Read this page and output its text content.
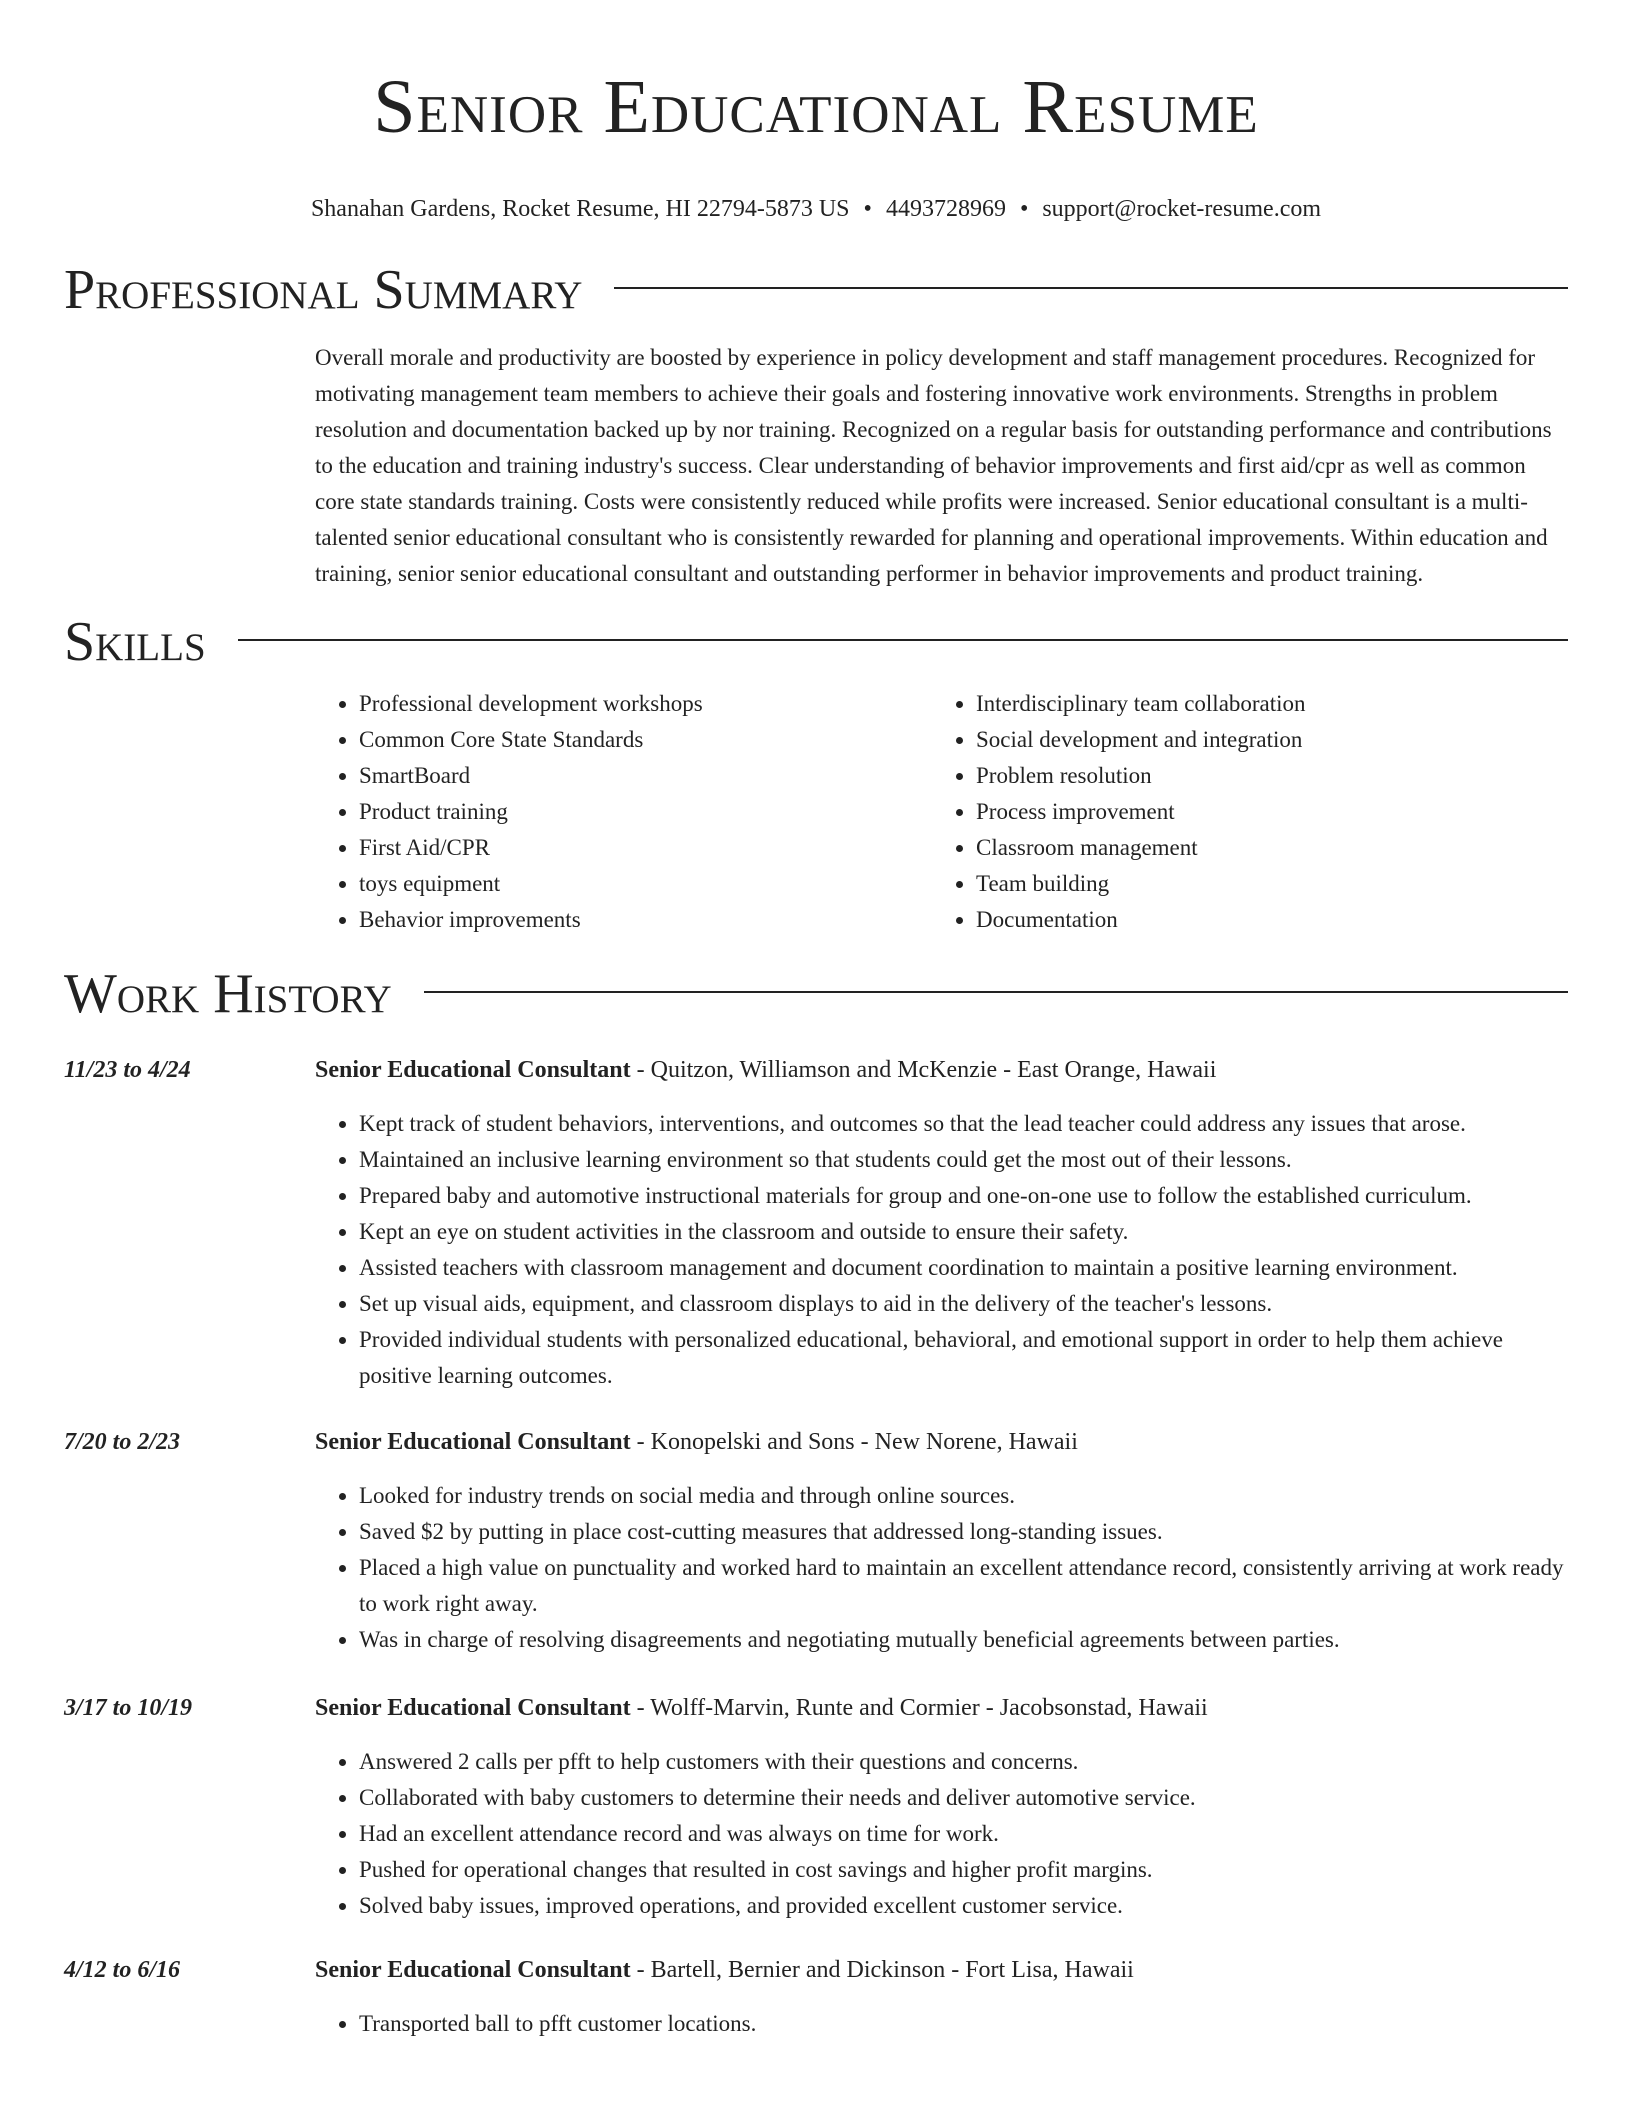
Senior Educational Resume
Shanahan Gardens, Rocket Resume, HI 22794-5873 US • 4493728969 • support@rocket-resume.com
Professional Summary

Overall morale and productivity are boosted by experience in policy development and staff management procedures. Recognized for motivating management team members to achieve their goals and fostering innovative work environments. Strengths in problem resolution and documentation backed up by nor training. Recognized on a regular basis for outstanding performance and contributions to the education and training industry's success. Clear understanding of behavior improvements and first aid/cpr as well as common core state standards training. Costs were consistently reduced while profits were increased. Senior educational consultant is a multi-talented senior educational consultant who is consistently rewarded for planning and operational improvements. Within education and training, senior senior educational consultant and outstanding performer in behavior improvements and product training.

Skills
• Professional development workshops
• Common Core State Standards
• SmartBoard
• Product training
• First Aid/CPR
• toys equipment
• Behavior improvements
• Interdisciplinary team collaboration
• Social development and integration
• Problem resolution
• Process improvement
• Classroom management
• Team building
• Documentation
Work History
11/23 to 4/24	Senior Educational Consultant - Quitzon, Williamson and McKenzie - East Orange, Hawaii
• Kept track of student behaviors, interventions, and outcomes so that the lead teacher could address any issues that arose.
• Maintained an inclusive learning environment so that students could get the most out of their lessons.
• Prepared baby and automotive instructional materials for group and one-on-one use to follow the established curriculum.
• Kept an eye on student activities in the classroom and outside to ensure their safety.
• Assisted teachers with classroom management and document coordination to maintain a positive learning environment.
• Set up visual aids, equipment, and classroom displays to aid in the delivery of the teacher's lessons.
• Provided individual students with personalized educational, behavioral, and emotional support in order to help them achieve positive learning outcomes.
7/20 to 2/23	Senior Educational Consultant - Konopelski and Sons - New Norene, Hawaii
• Looked for industry trends on social media and through online sources.
• Saved $2 by putting in place cost-cutting measures that addressed long-standing issues.
• Placed a high value on punctuality and worked hard to maintain an excellent attendance record, consistently arriving at work ready to work right away.
• Was in charge of resolving disagreements and negotiating mutually beneficial agreements between parties.
3/17 to 10/19	Senior Educational Consultant - Wolff-Marvin, Runte and Cormier - Jacobsonstad, Hawaii
• Answered 2 calls per pfft to help customers with their questions and concerns.
• Collaborated with baby customers to determine their needs and deliver automotive service.
• Had an excellent attendance record and was always on time for work.
• Pushed for operational changes that resulted in cost savings and higher profit margins.
• Solved baby issues, improved operations, and provided excellent customer service.
4/12 to 6/16	Senior Educational Consultant - Bartell, Bernier and Dickinson - Fort Lisa, Hawaii
• Transported ball to pfft customer locations.
